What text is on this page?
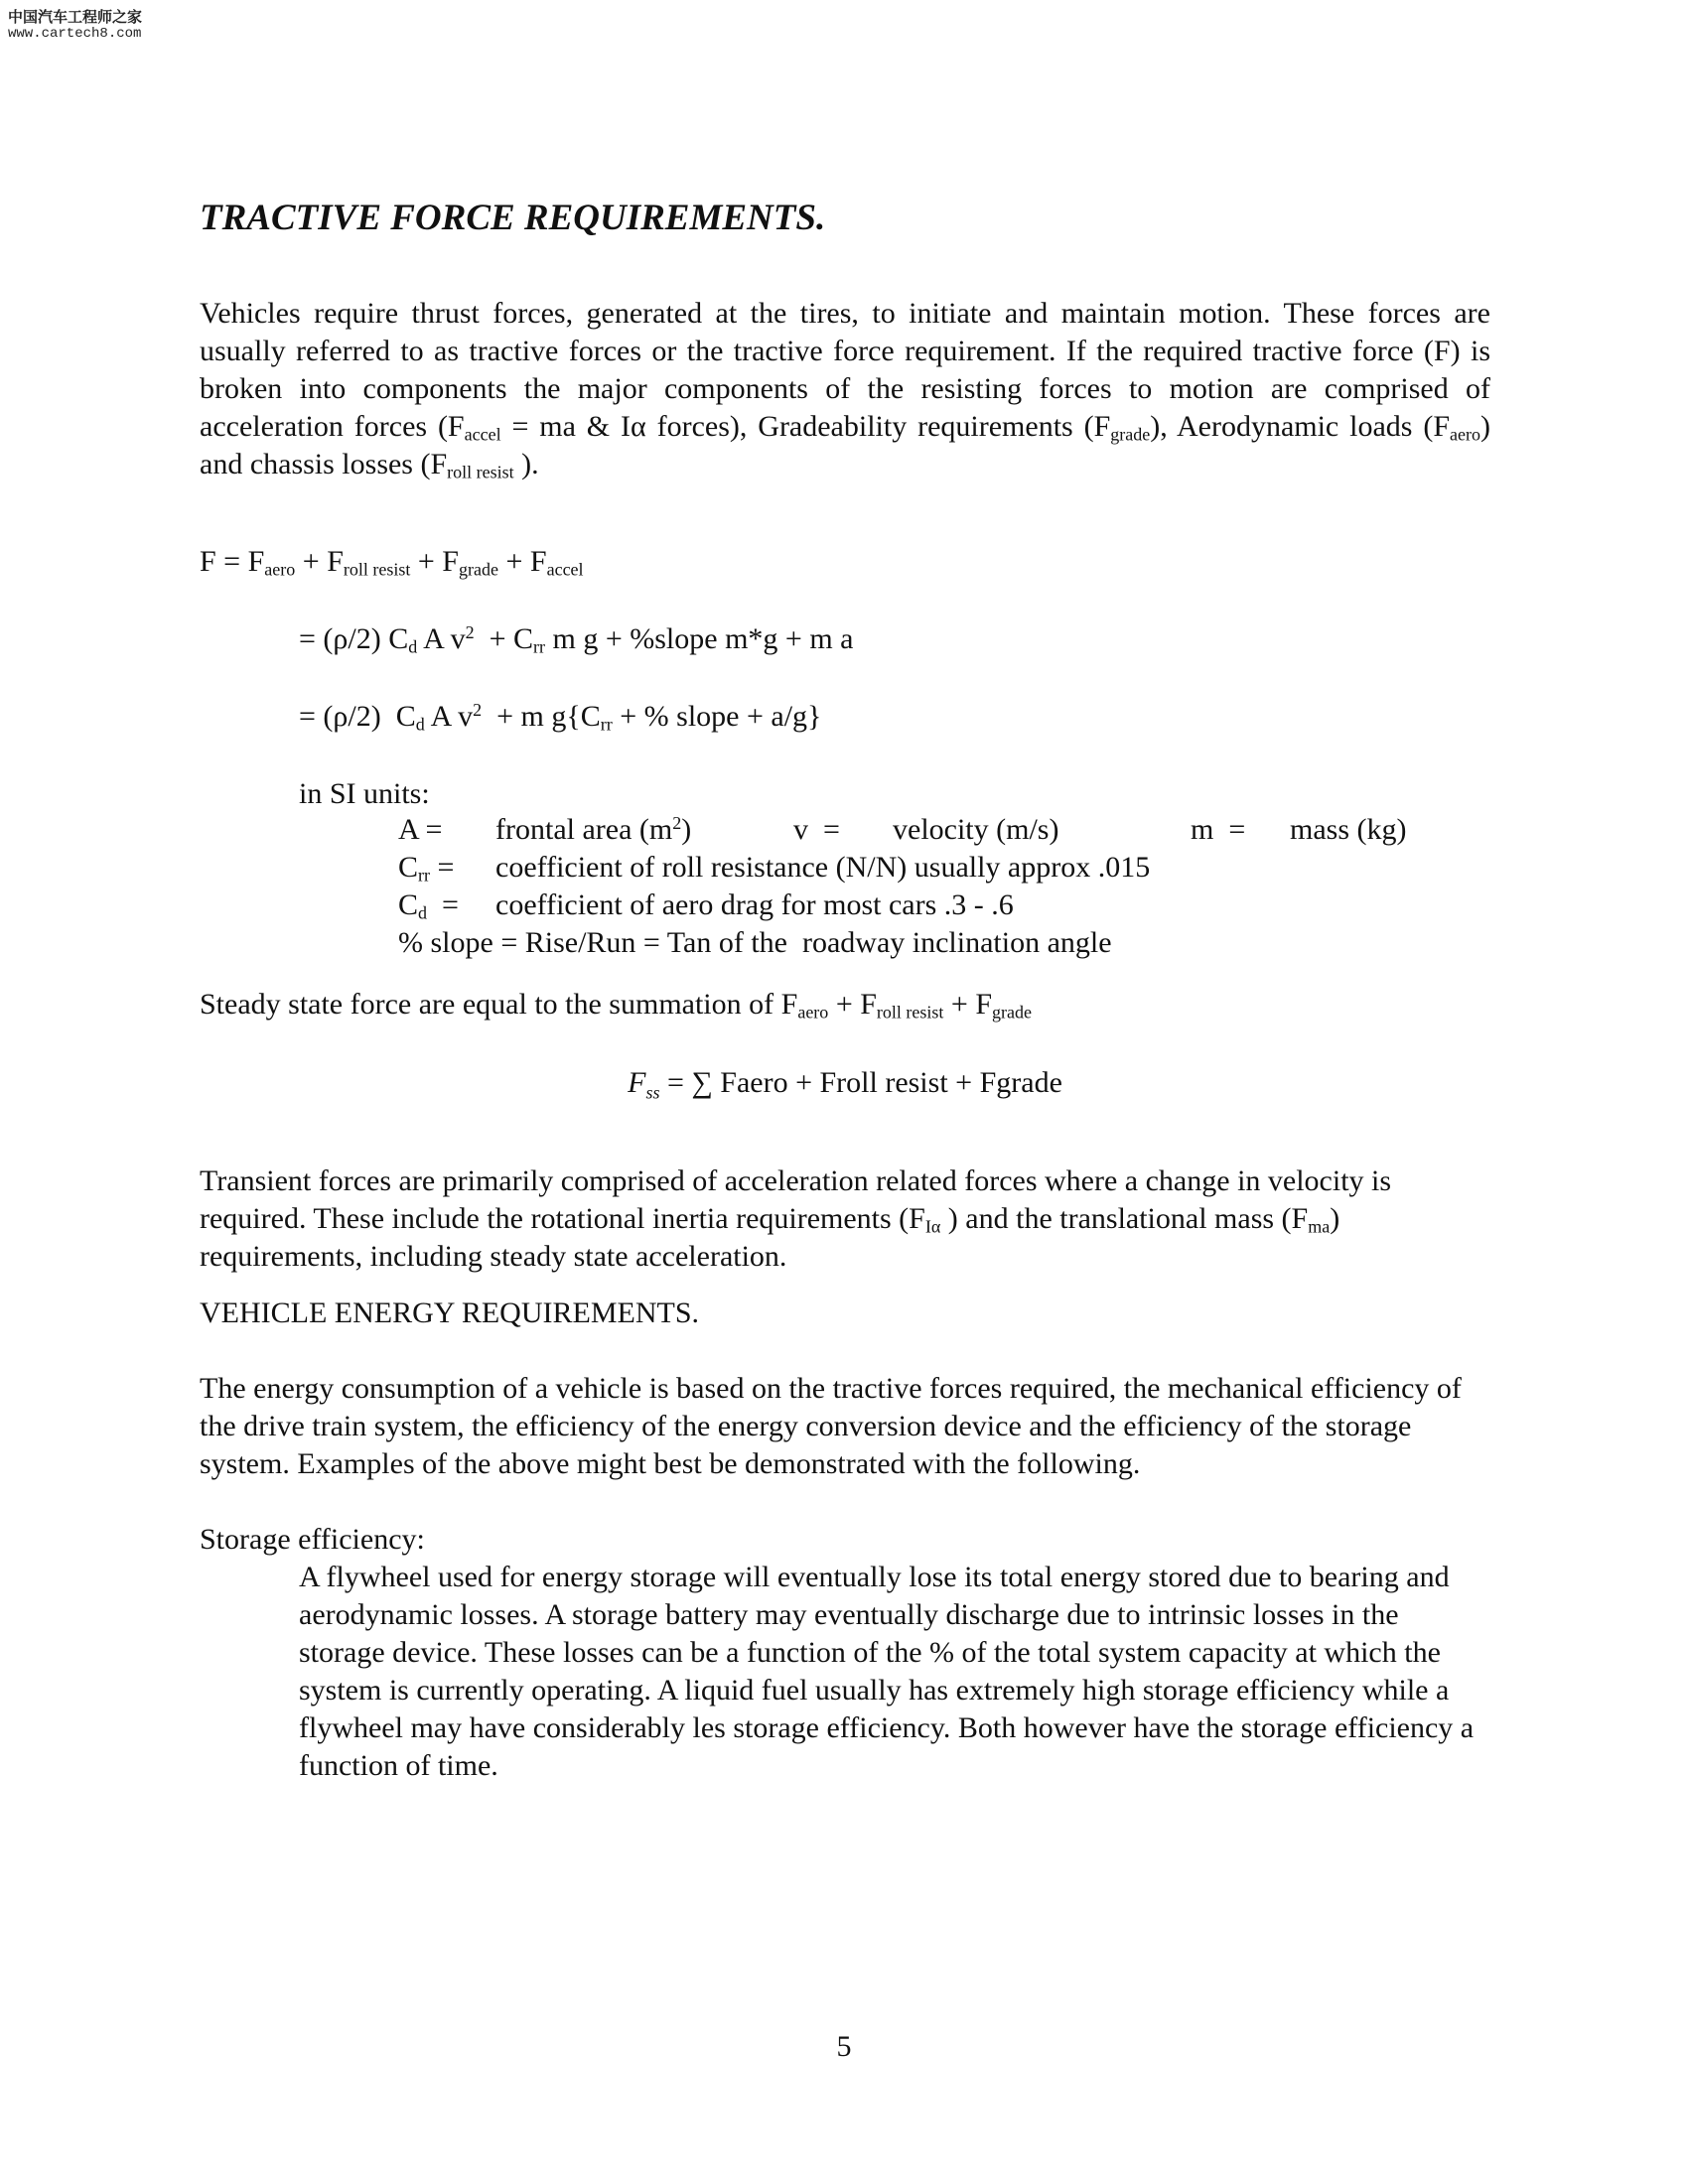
中国汽车工程师之家
www.cartech8.com
TRACTIVE FORCE REQUIREMENTS.

Vehicles require thrust forces, generated at the tires, to initiate and maintain motion. These forces are usually referred to as tractive forces or the tractive force requirement. If the required tractive force (F) is broken into components the major components of the resisting forces to motion are comprised of acceleration forces ($F_{accel}$ = ma & Iα forces), Gradeability requirements $(F_{grade})$, Aerodynamic loads $(F_{aero})$ and chassis losses ($F_{roll resist}$ ).

$F = F_{aero} + F_{roll resist} + F_{grade} + F_{accel}$

= (ρ/2) $C_d$ A $v^2 + C_{rr}$ m g + %slope m*g + m a

= (ρ/2)  $C_d$ A $v^2 + m$ $g\{C_{rr}$ + % slope + a/g}

in SI units:

A =	frontal area $(m^2)$	v  =	velocity (m/s)	m  =	mass (kg)
$C_{rr}$ =	coefficient of roll resistance (N/N) usually approx .015				
$C_d$  =	coefficient of aero drag for most cars .3 - .6				
% slope = Rise/Run = Tan of the  roadway inclination angle					

Steady state force are equal to the summation of $F_{aero} + F_{roll resist} + F_{grade}$

$F_{ss}$ = ∑ Faero + Froll resist + Fgrade

Transient forces are primarily comprised of acceleration related forces where a change in velocity is required. These include the rotational inertia requirements ($F_{I\alpha}$ ) and the translational mass $(F_{ma})$ requirements, including steady state acceleration.

VEHICLE ENERGY REQUIREMENTS.

The energy consumption of a vehicle is based on the tractive forces required, the mechanical efficiency of the drive train system, the efficiency of the energy conversion device and the efficiency of the storage system. Examples of the above might best be demonstrated with the following.

Storage efficiency:

A flywheel used for energy storage will eventually lose its total energy stored due to bearing and aerodynamic losses. A storage battery may eventually discharge due to intrinsic losses in the storage device. These losses can be a function of the % of the total system capacity at which the system is currently operating. A liquid fuel usually has extremely high storage efficiency while a flywheel may have considerably les storage efficiency. Both however have the storage efficiency a function of time.

5
